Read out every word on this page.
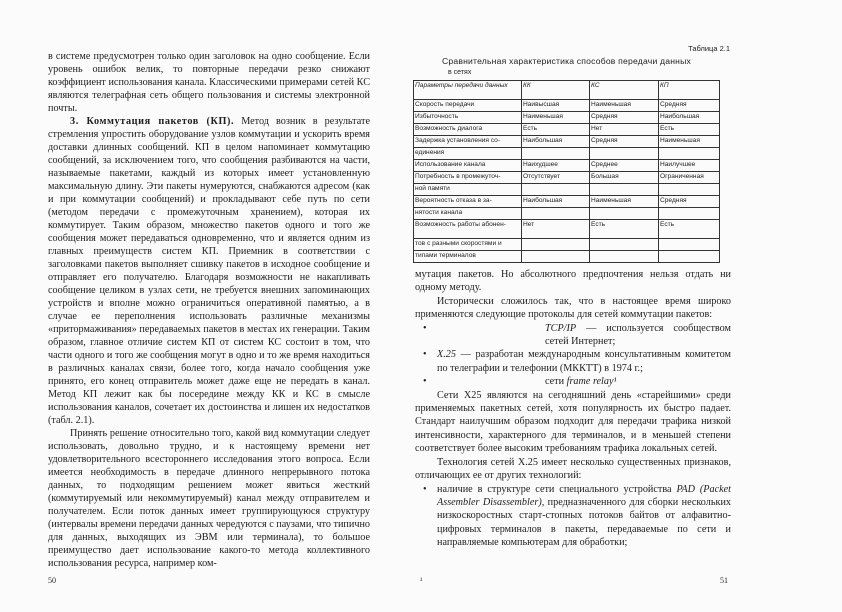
в системе предусмотрен только один заголовок на одно сообщение. Если уровень ошибок велик, то повторные передачи резко снижают коэффициент использования канала. Классическими примерами сетей КС являются телеграфная сеть общего пользования и системы электронной почты.

3. Коммутация пакетов (КП). Метод возник в результате стремления упростить оборудование узлов коммутации и ускорить время доставки длинных сообщений. КП в целом напоминает коммутацию сообщений, за исключением того, что сообщения разбиваются на части, называемые пакетами, каждый из которых имеет установленную максимальную длину. Эти пакеты нумеруются, снабжаются адресом (как и при коммутации сообщений) и прокладывают себе путь по сети (методом передачи с промежуточным хранением), которая их коммутирует. Таким образом, множество пакетов одного и того же сообщения может передаваться одновременно, что и является одним из главных преимуществ систем КП. Приемник в соответствии с заголовками пакетов выполняет сшивку пакетов в исходное сообщение и отправляет его получателю. Благодаря возможности не накапливать сообщение целиком в узлах сети, не требуется внешних запоминающих устройств и вполне можно ограничиться оперативной памятью, а в случае ее переполнения использовать различные механизмы «притормаживания» передаваемых пакетов в местах их генерации. Таким образом, главное отличие систем КП от систем КС состоит в том, что части одного и того же сообщения могут в одно и то же время находиться в различных каналах связи, более того, когда начало сообщения уже принято, его конец отправитель может даже еще не передать в канал. Метод КП лежит как бы посередине между КК и КС в смысле использования каналов, сочетает их достоинства и лишен их недостатков (табл. 2.1).

Принять решение относительно того, какой вид коммутации следует использовать, довольно трудно, и к настоящему времени нет удовлетворительного всестороннего исследования этого вопроса. Если имеется необходимость в передаче длинного непрерывного потока данных, то подходящим решением может явиться жесткий (коммутируемый или некоммутируемый) канал между отправителем и получателем. Если поток данных имеет группирующуюся структуру (интервалы времени передачи данных чередуются с паузами, что типично для данных, выходящих из ЭВМ или терминала), то большое преимущество дает использование какого-то метода коллективного использования ресурса, например ком-

50
Таблица 2.1
Сравнительная характеристика способов передачи данных
в сетях
Параметры передачи данных	КК	КС	КП
Скорость передачи	Наивысшая	Наименьшая	Средняя
Избыточность	Наименьшая	Средняя	Наибольшая
Возможность диалога	Есть	Нет	Есть
Задержка установления со-	Наибольшая	Средняя	Наименьшая
единения			
Использование канала	Наихудшее	Среднее	Наилучшее
Потребность в промежуточ-	Отсутствует	Большая	Ограниченная
ной памяти			
Вероятность отказа в за-	Наибольшая	Наименьшая	Средняя
нятости канала			
Возможность работы абонен-	Нет	Есть	Есть
тов с разными скоростями и			
типами терминалов			

мутация пакетов. Но абсолютного предпочтения нельзя отдать ни одному методу.

Исторически сложилось так, что в настоящее время широко применяются следующие протоколы для сетей коммутации пакетов:

• TCP/IP — используется сообществом сетей Интернет;
• X.25 — разработан международным консультативным комитетом по телеграфии и телефонии (МККТТ) в 1974 г.;
• сети frame relay¹

Сети X25 являются на сегодняшний день «старейшими» среди применяемых пакетных сетей, хотя популярность их быстро падает. Стандарт наилучшим образом подходит для передачи трафика низкой интенсивности, характерного для терминалов, и в меньшей степени соответствует более высоким требованиям трафика локальных сетей.

Технология сетей X.25 имеет несколько существенных признаков, отличающих ее от других технологий:

• наличие в структуре сети специального устройства PAD (Packet Assembler Disassembler), предназначенного для сборки нескольких низкоскоростных старт-стопных потоков байтов от алфавитно-цифровых терминалов в пакеты, передаваемые по сети и направляемые компьютерам для обработки;
¹	51
